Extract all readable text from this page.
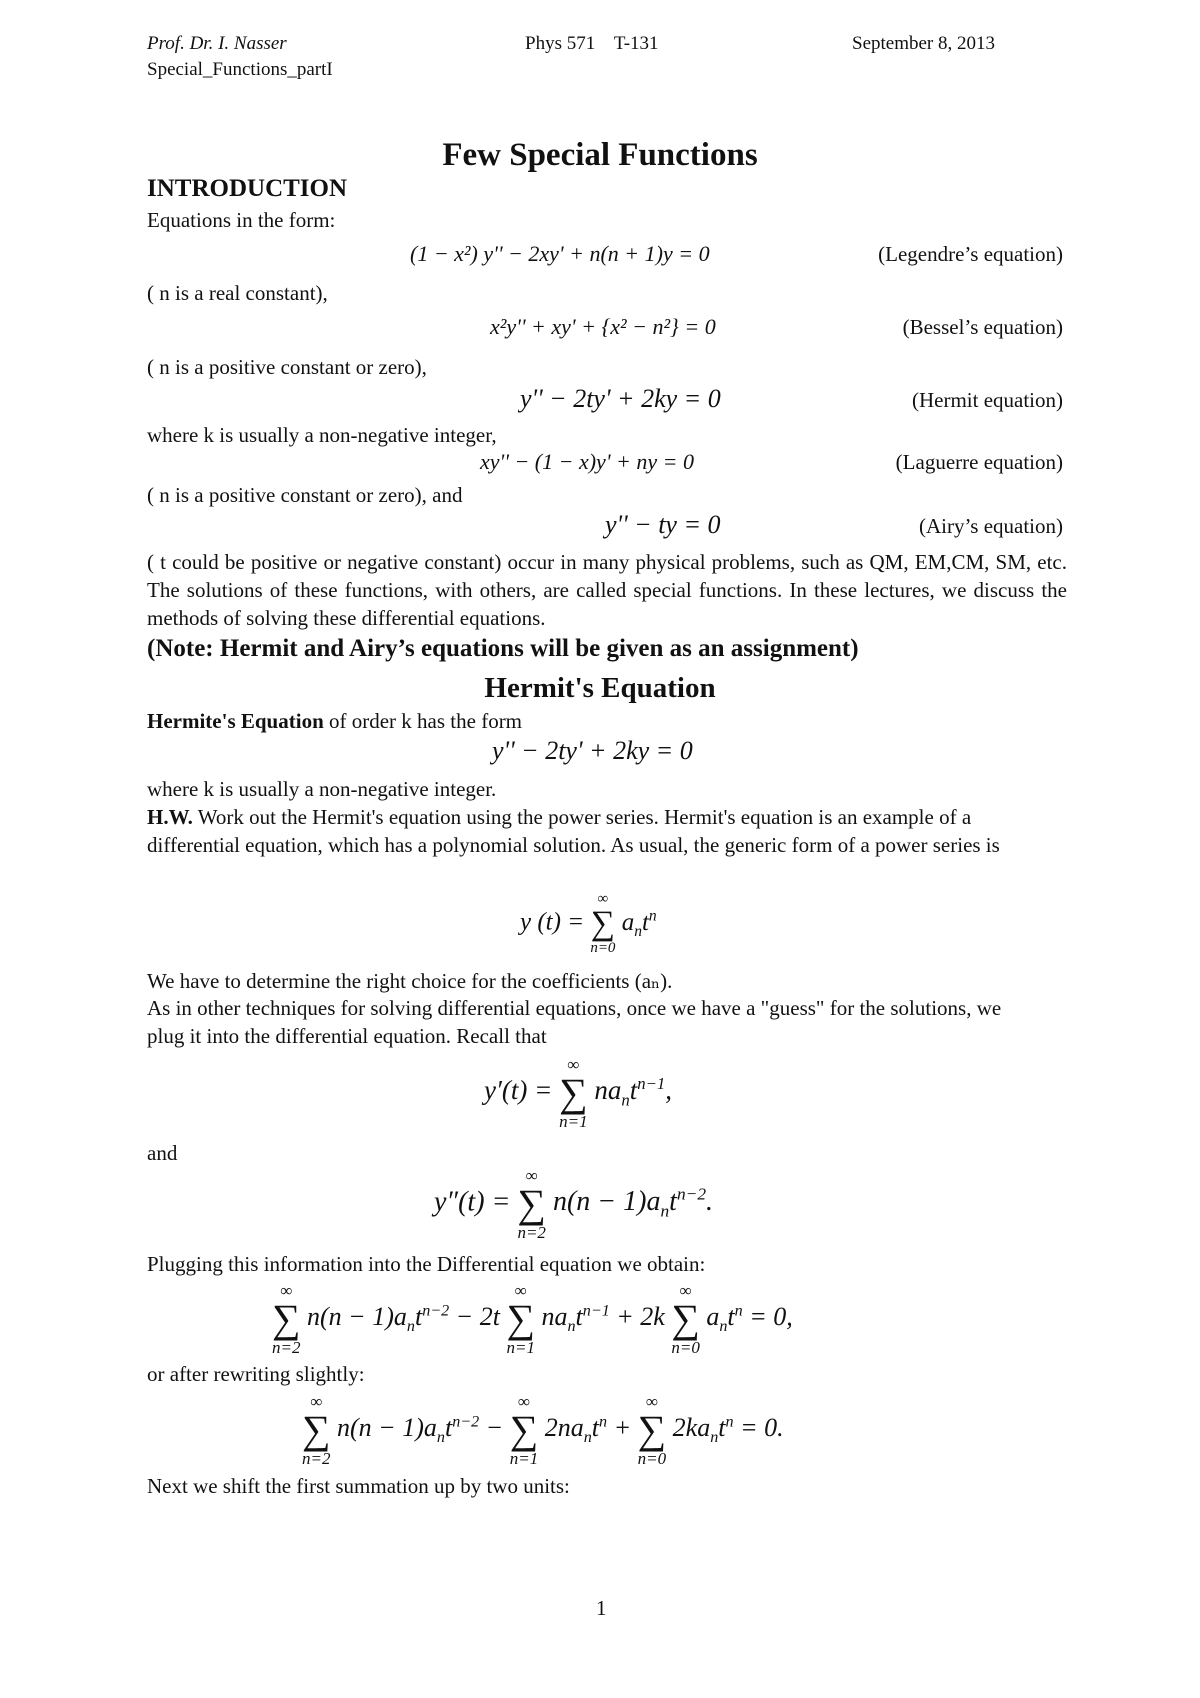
Prof. Dr. I. Nasser	Phys 571    T-131	September 8, 2013

Special_Functions_partI

Few Special Functions
INTRODUCTION

Equations in the form:

(1 − x²) y'' − 2xy' + n(n + 1)y = 0	(Legendre’s equation)

( n is a real constant),

x²y'' + xy' + {x² − n²} = 0	(Bessel’s equation)

( n is a positive constant or zero),

y'' − 2ty' + 2ky = 0	(Hermit equation)

where k is usually a non-negative integer,

xy'' − (1 − x)y' + ny = 0	(Laguerre equation)

( n is a positive constant or zero), and

y'' − ty = 0	(Airy’s equation)

( t could be positive or negative constant) occur in many physical problems, such as QM, EM,CM, SM, etc. The solutions of these functions, with others, are called special functions. In these lectures, we discuss the methods of solving these differential equations.

(Note: Hermit and Airy’s equations will be given as an assignment)

Hermit's Equation

Hermite's Equation of order k has the form

y'' − 2ty' + 2ky = 0

where k is usually a non-negative integer.

H.W. Work out the Hermit's equation using the power series. Hermit's equation is an example of a differential equation, which has a polynomial solution. As usual, the generic form of a power series is

y (t) =
∞
∑
n=0
$a_nt^n$

We have to determine the right choice for the coefficients (aₙ).

As in other techniques for solving differential equations, once we have a "guess" for the solutions, we plug it into the differential equation. Recall that

y′(t) =
∞
∑
n=1
$na_nt^{n-1}$,

and

y″(t) =
∞
∑
n=2
$n(n - 1)a_nt^{n-2}$.

Plugging this information into the Differential equation we obtain:

∞
∑
n=2
$n(n - 1)a_nt^{n-2} - 2t$
∞
∑
n=1
$na_nt^{n-1} + 2k$
∞
∑
n=0
$a_nt^n = 0$,

or after rewriting slightly:

∞
∑
n=2
$n(n - 1)a_nt^{n-2}$ −
∞
∑
n=1
$2na_nt^n$ +
∞
∑
n=0
$2ka_nt^n = 0$.

Next we shift the first summation up by two units:

1
